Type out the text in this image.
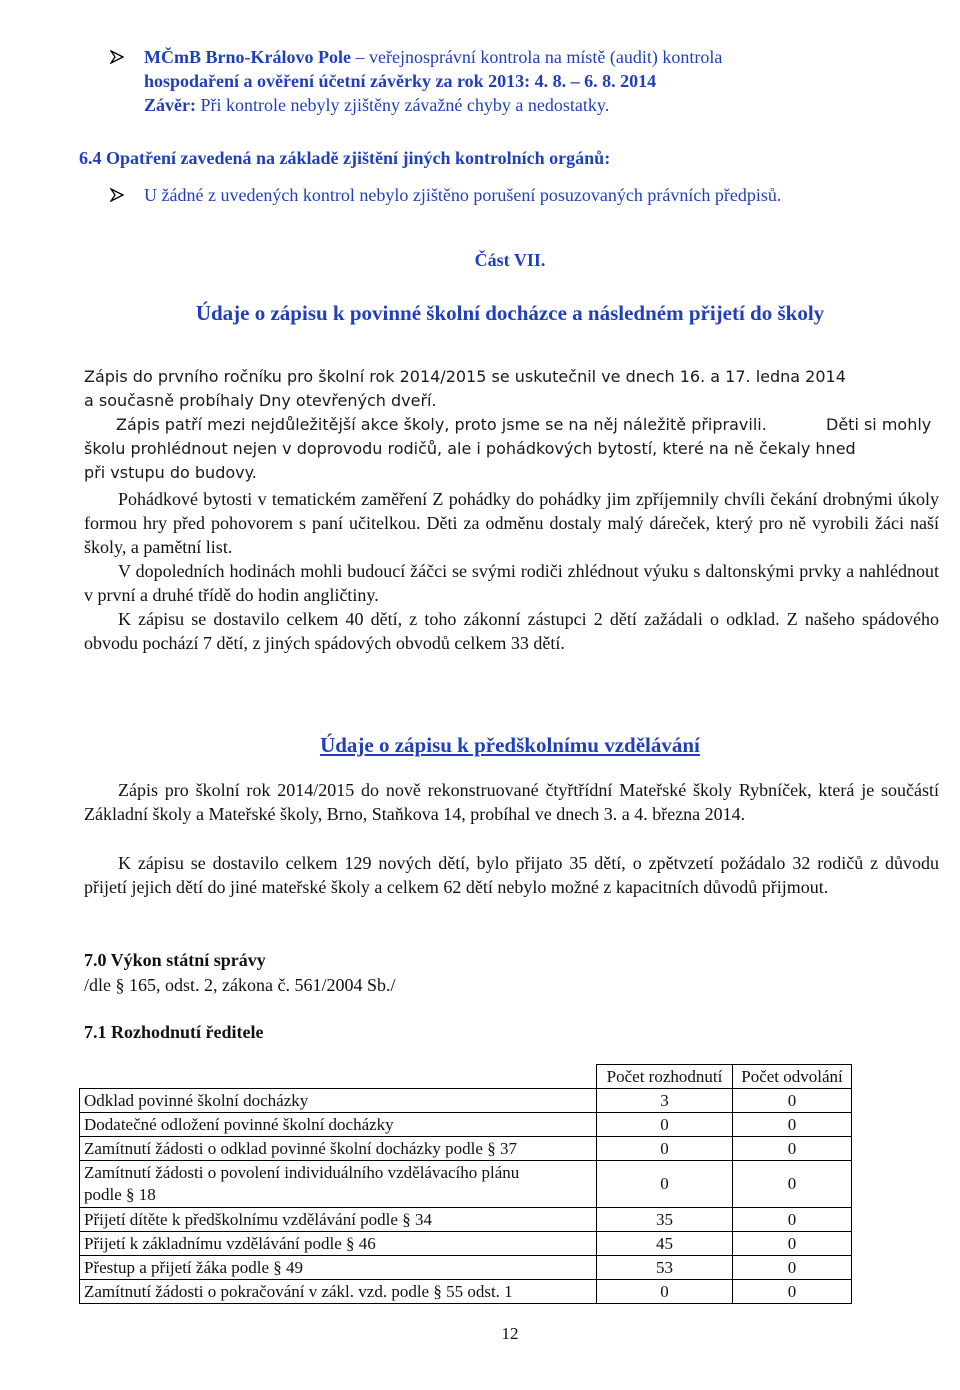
MČmB Brno-Královo Pole – veřejnosprávní kontrola na místě (audit) kontrola
hospodaření a ověření účetní závěrky za rok 2013: 4. 8. – 6. 8. 2014
Závěr: Při kontrole nebyly zjištěny závažné chyby a nedostatky.
6.4 Opatření zavedená na základě zjištění jiných kontrolních orgánů:
U žádné z uvedených kontrol nebylo zjištěno porušení posuzovaných právních předpisů.
Část VII.
Údaje o zápisu k povinné školní docházce a následném přijetí do školy
Zápis do prvního ročníku pro školní rok 2014/2015 se uskutečnil ve dnech 16. a 17. ledna 2014
a současně probíhaly Dny otevřených dveří.
Zápis patří mezi nejdůležitější akce školy, proto jsme se na něj náležitě připravili.
školu prohlédnout nejen v doprovodu rodičů, ale i pohádkových bytostí, které na ně čekaly hned
při vstupu do budovy.
Děti si mohly
Pohádkové bytosti v tematickém zaměření Z pohádky do pohádky jim zpříjemnily chvíli čekání drobnými úkoly formou hry před pohovorem s paní učitelkou. Děti za odměnu dostaly malý dáreček, který pro ně vyrobili žáci naší školy, a pamětní list.
V dopoledních hodinách mohli budoucí žáčci se svými rodiči zhlédnout výuku s daltonskými prvky a nahlédnout v první a druhé třídě do hodin angličtiny.
K zápisu se dostavilo celkem 40 dětí, z toho zákonní zástupci 2 dětí zažádali o odklad. Z našeho spádového obvodu pochází 7 dětí, z jiných spádových obvodů celkem 33 dětí.
Údaje o zápisu k předškolnímu vzdělávání
Zápis pro školní rok 2014/2015 do nově rekonstruované čtyřtřídní Mateřské školy Rybníček, která je součástí Základní školy a Mateřské školy, Brno, Staňkova 14, probíhal ve dnech 3. a 4. března 2014.
K zápisu se dostavilo celkem 129 nových dětí, bylo přijato 35 dětí, o zpětvzetí požádalo 32 rodičů z důvodu přijetí jejich dětí do jiné mateřské školy a celkem 62 dětí nebylo možné z kapacitních důvodů přijmout.
7.0 Výkon státní správy
/dle § 165, odst. 2, zákona č. 561/2004 Sb./
7.1 Rozhodnutí ředitele
	Počet rozhodnutí	Počet odvolání
Odklad povinné školní docházky	3	0
Dodatečné odložení povinné školní docházky	0	0
Zamítnutí žádosti o odklad povinné školní docházky podle § 37	0	0

Zamítnutí žádosti o povolení individuálního vzdělávacího plánu
podle § 18	0	0
Přijetí dítěte k předškolnímu vzdělávání podle § 34	35	0
Přijetí k základnímu vzdělávání podle § 46	45	0
Přestup a přijetí žáka podle § 49	53	0
Zamítnutí žádosti o pokračování v zákl. vzd. podle § 55 odst. 1	0	0
12
